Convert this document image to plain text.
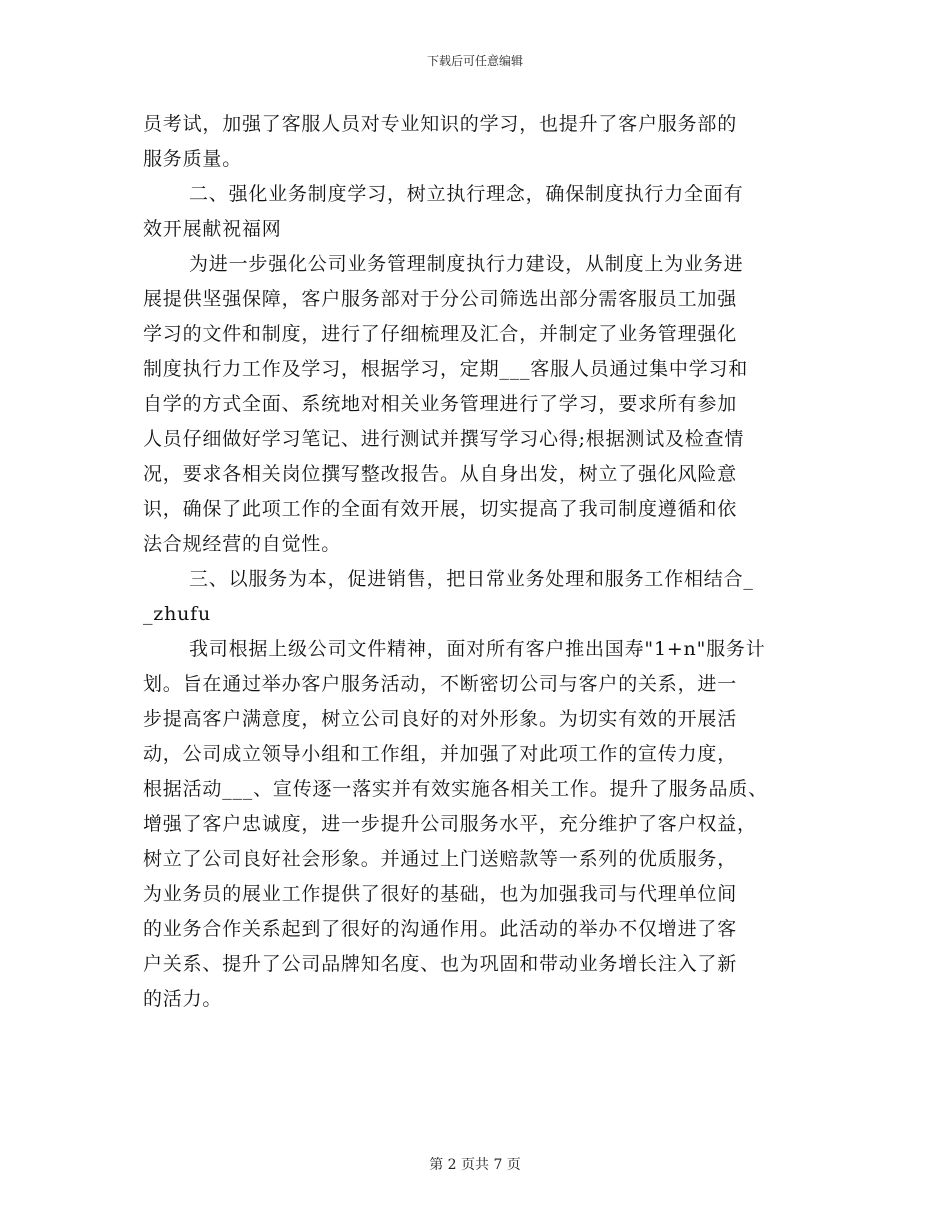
下载后可任意编辑
员考试，加强了客服人员对专业知识的学习，也提升了客户服务部的
服务质量。
二、强化业务制度学习，树立执行理念，确保制度执行力全面有
效开展献祝福网
为进一步强化公司业务管理制度执行力建设，从制度上为业务进
展提供坚强保障，客户服务部对于分公司筛选出部分需客服员工加强
学习的文件和制度，进行了仔细梳理及汇合，并制定了业务管理强化
制度执行力工作及学习，根据学习，定期___客服人员通过集中学习和
自学的方式全面、系统地对相关业务管理进行了学习，要求所有参加
人员仔细做好学习笔记、进行测试并撰写学习心得;根据测试及检查情
况，要求各相关岗位撰写整改报告。从自身出发，树立了强化风险意
识，确保了此项工作的全面有效开展，切实提高了我司制度遵循和依
法合规经营的自觉性。
三、以服务为本，促进销售，把日常业务处理和服务工作相结合_
_zhufu
我司根据上级公司文件精神，面对所有客户推出国寿"1+n"服务计
划。旨在通过举办客户服务活动，不断密切公司与客户的关系，进一
步提高客户满意度，树立公司良好的对外形象。为切实有效的开展活
动，公司成立领导小组和工作组，并加强了对此项工作的宣传力度，
根据活动___、宣传逐一落实并有效实施各相关工作。提升了服务品质、
增强了客户忠诚度，进一步提升公司服务水平，充分维护了客户权益，
树立了公司良好社会形象。并通过上门送赔款等一系列的优质服务，
为业务员的展业工作提供了很好的基础，也为加强我司与代理单位间
的业务合作关系起到了很好的沟通作用。此活动的举办不仅增进了客
户关系、提升了公司品牌知名度、也为巩固和带动业务增长注入了新
的活力。
第 2 页共 7 页
